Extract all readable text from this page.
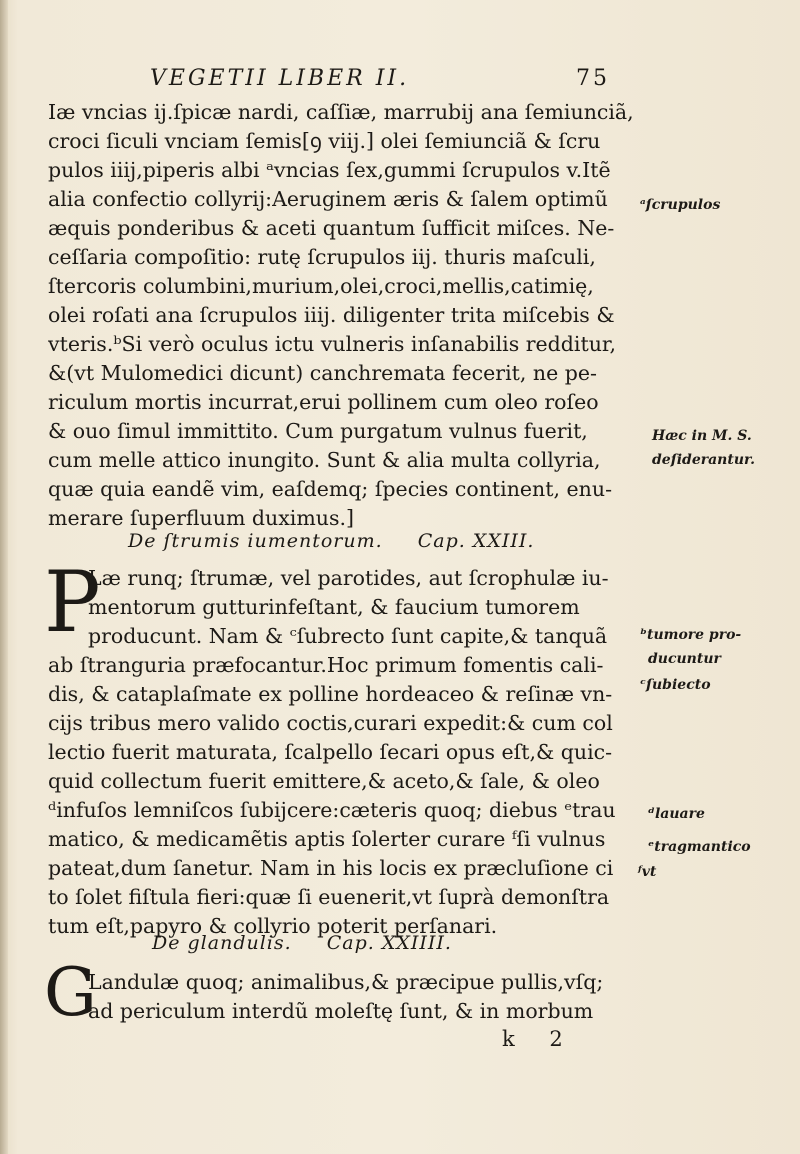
VEGETII LIBER II.	75
Iæ vncias ij.ſpicæ nardi, caſſiæ, marrubij ana ſemiunciã,
croci ſiculi vnciam ſemis[ꝯ viij.] olei ſemiunciã & ſcru
pulos iiij,piperis albi ᵃvncias ſex,gummi ſcrupulos v.Itẽ
alia confectio collyrij:Aeruginem æris & ſalem optimũ
æquis ponderibus & aceti quantum ſufficit miſces. Ne-
ceſſaria compoſitio: rutę ſcrupulos iij. thuris maſculi,
ſtercoris columbini,murium,olei,croci,mellis,catimię,
olei roſati ana ſcrupulos iiij. diligenter trita miſcebis &
vteris.ᵇSi verò oculus ictu vulneris inſanabilis redditur,
&(vt Mulomedici dicunt) canchremata fecerit, ne pe-
riculum mortis incurrat,erui pollinem cum oleo roſeo
& ouo ſimul immittito. Cum purgatum vulnus fuerit,
cum melle attico inungito. Sunt & alia multa collyria,
quæ quia eandẽ vim, eaſdemq; ſpecies continent, enu-
merare ſuperfluum duximus.]
De ſtrumis iumentorum. Cap. XXIII.
P
Læ runq; ſtrumæ, vel parotides, aut ſcrophulæ iu-
mentorum gutturinfeſtant, & faucium tumorem
producunt. Nam & ᶜſubrecto ſunt capite,& tanquã
ab ſtranguria præfocantur.Hoc primum fomentis cali-
dis, & cataplaſmate ex polline hordeaceo & reſinæ vn-
cijs tribus mero valido coctis,curari expedit:& cum col
lectio fuerit maturata, ſcalpello ſecari opus eſt,& quic-
quid collectum fuerit emittere,& aceto,& ſale, & oleo
ᵈinfuſos lemniſcos ſubijcere:cæteris quoq; diebus ᵉtrau
matico, & medicamẽtis aptis ſolerter curare ᶠſi vulnus
pateat,dum ſanetur. Nam in his locis ex præcluſione ci
to ſolet fiſtula fieri:quæ ſi euenerit,vt ſuprà demonſtra
tum eſt,papyro & collyrio poterit perſanari.
De glandulis. Cap. XXIIII.
G
Landulæ quoq; animalibus,& præcipue pullis,vſq;
ad periculum interdũ moleſtę ſunt, & in morbum
ᵃſcrupulos
Hæc in M. S.
deſiderantur.
ᵇtumore pro-
ducuntur
ᶜſubiecto
ᵈlauare
ᵉtragmantico
ᶠvt
k 2
